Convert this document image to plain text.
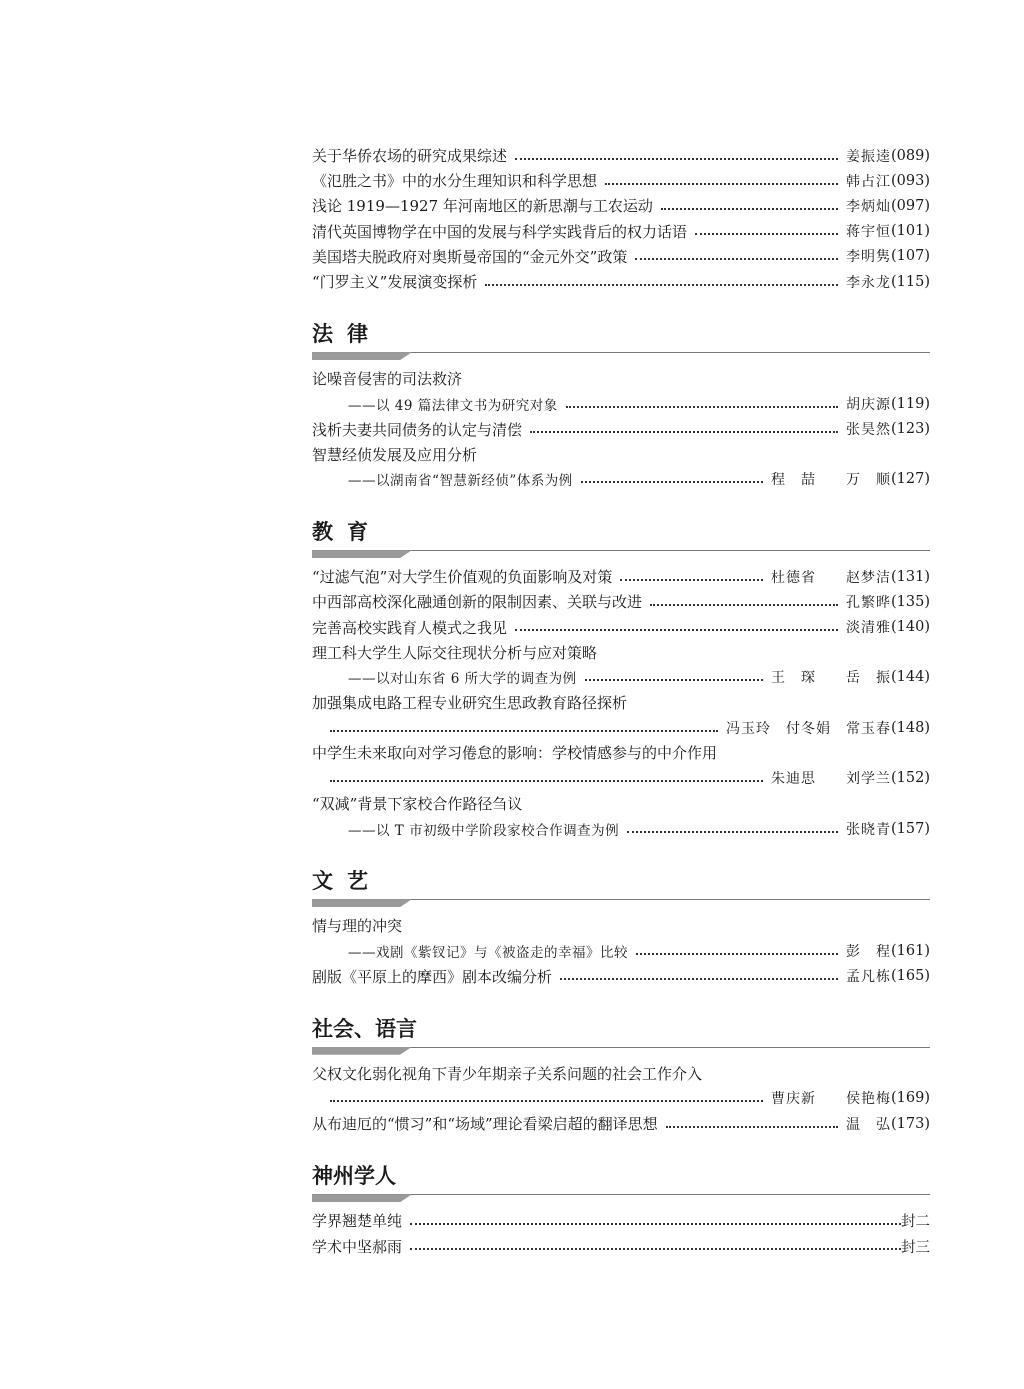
关于华侨农场的研究成果综述	姜振逵 (089)
《氾胜之书》中的水分生理知识和科学思想	韩占江 (093)
浅论 1919—1927 年河南地区的新思潮与工农运动	李炳灿 (097)
清代英国博物学在中国的发展与科学实践背后的权力话语	蒋宇恒 (101)
美国塔夫脱政府对奥斯曼帝国的“金元外交”政策	李明隽 (107)
“门罗主义”发展演变探析	李永龙 (115)
法律
论噪音侵害的司法救济
——以 49 篇法律文书为研究对象	胡庆源 (119)
浅析夫妻共同债务的认定与清偿	张昊然 (123)
智慧经侦发展及应用分析
——以湖南省“智慧新经侦”体系为例	程　喆　　万　顺 (127)
教育
“过滤气泡”对大学生价值观的负面影响及对策	杜德省　　赵梦洁 (131)
中西部高校深化融通创新的限制因素、关联与改进	孔繁晔 (135)
完善高校实践育人模式之我见	淡清雅 (140)
理工科大学生人际交往现状分析与应对策略
——以对山东省 6 所大学的调查为例	王　琛　　岳　振 (144)
加强集成电路工程专业研究生思政教育路径探析
冯玉玲　付冬娟　常玉春 (148)
中学生未来取向对学习倦怠的影响：学校情感参与的中介作用
朱迪思　　刘学兰 (152)
“双减”背景下家校合作路径刍议
——以 T 市初级中学阶段家校合作调查为例	张晓青 (157)
文艺
情与理的冲突
——戏剧《紫钗记》与《被盗走的幸福》比较	彭　程 (161)
剧版《平原上的摩西》剧本改编分析	孟凡栋 (165)
社会、语言
父权文化弱化视角下青少年期亲子关系问题的社会工作介入
曹庆新　　侯艳梅 (169)
从布迪厄的“惯习”和“场域”理论看梁启超的翻译思想	温　弘 (173)
神州学人
学界翘楚单纯	封二
学术中坚郝雨	封三
